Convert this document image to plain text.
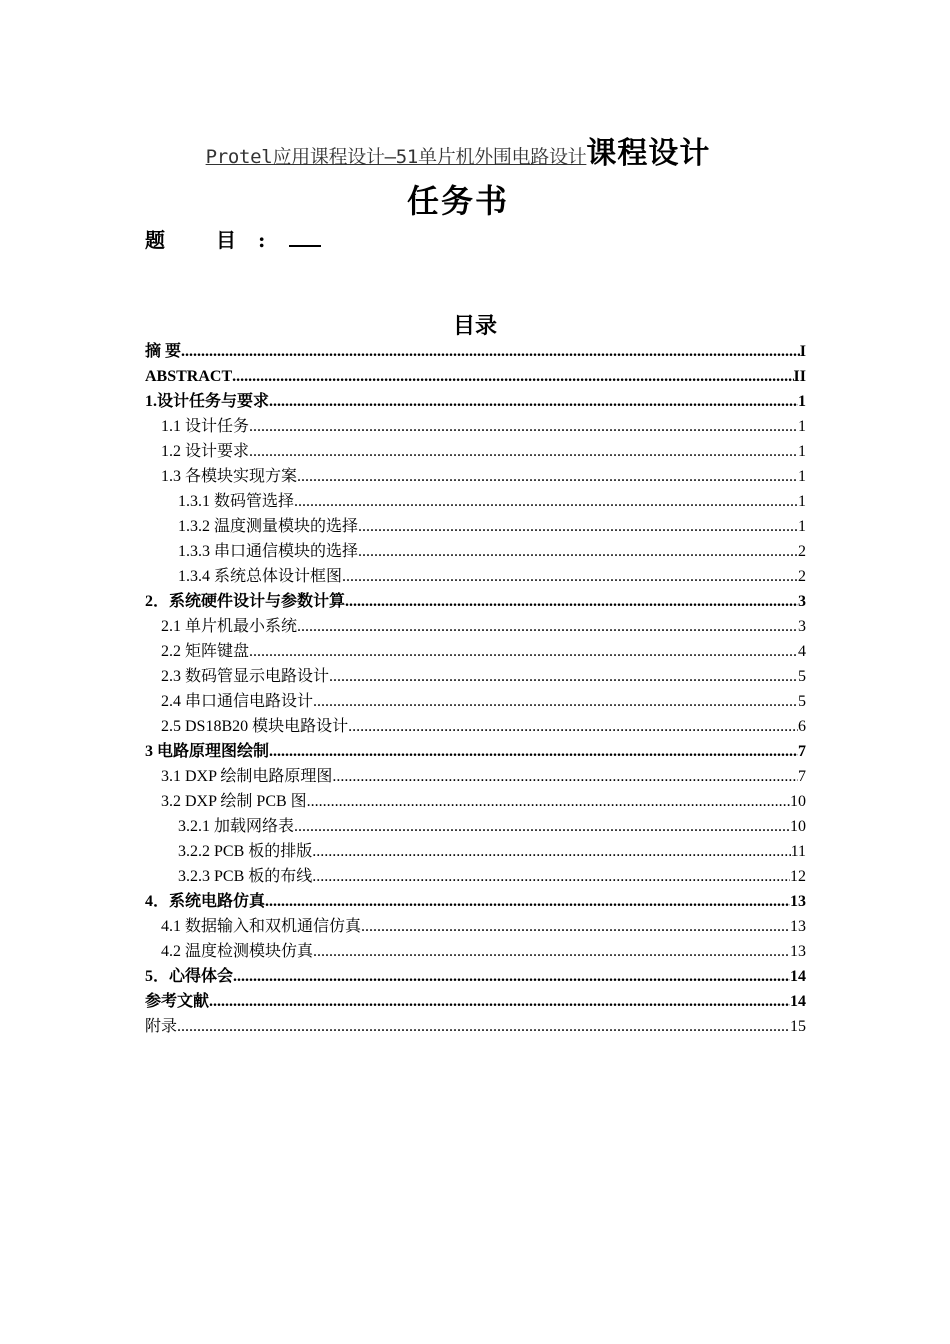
Protel应用课程设计—51单片机外围电路设计课程设计
任务书
题 目:
目录
摘 要 .....	I
ABSTRACT .....	II
1.设计任务与要求 .....	1
1.1 设计任务 .....	1
1.2 设计要求 .....	1
1.3 各模块实现方案 .....	1
1.3.1 数码管选择 .....	1
1.3.2 温度测量模块的选择 .....	1
1.3.3 串口通信模块的选择 .....	2
1.3.4 系统总体设计框图 .....	2
2．系统硬件设计与参数计算 .....	3
2.1 单片机最小系统 .....	3
2.2 矩阵键盘 .....	4
2.3 数码管显示电路设计 .....	5
2.4 串口通信电路设计 .....	5
2.5 DS18B20 模块电路设计 .....	6
3 电路原理图绘制 .....	7
3.1 DXP 绘制电路原理图 .....	7
3.2 DXP 绘制 PCB 图 .....	10
3.2.1 加载网络表 .....	10
3.2.2 PCB 板的排版 .....	11
3.2.3 PCB 板的布线 .....	12
4．系统电路仿真 .....	13
4.1 数据输入和双机通信仿真 .....	13
4.2 温度检测模块仿真 .....	13
5．心得体会 .....	14
参考文献 .....	14
附录 .....	15
